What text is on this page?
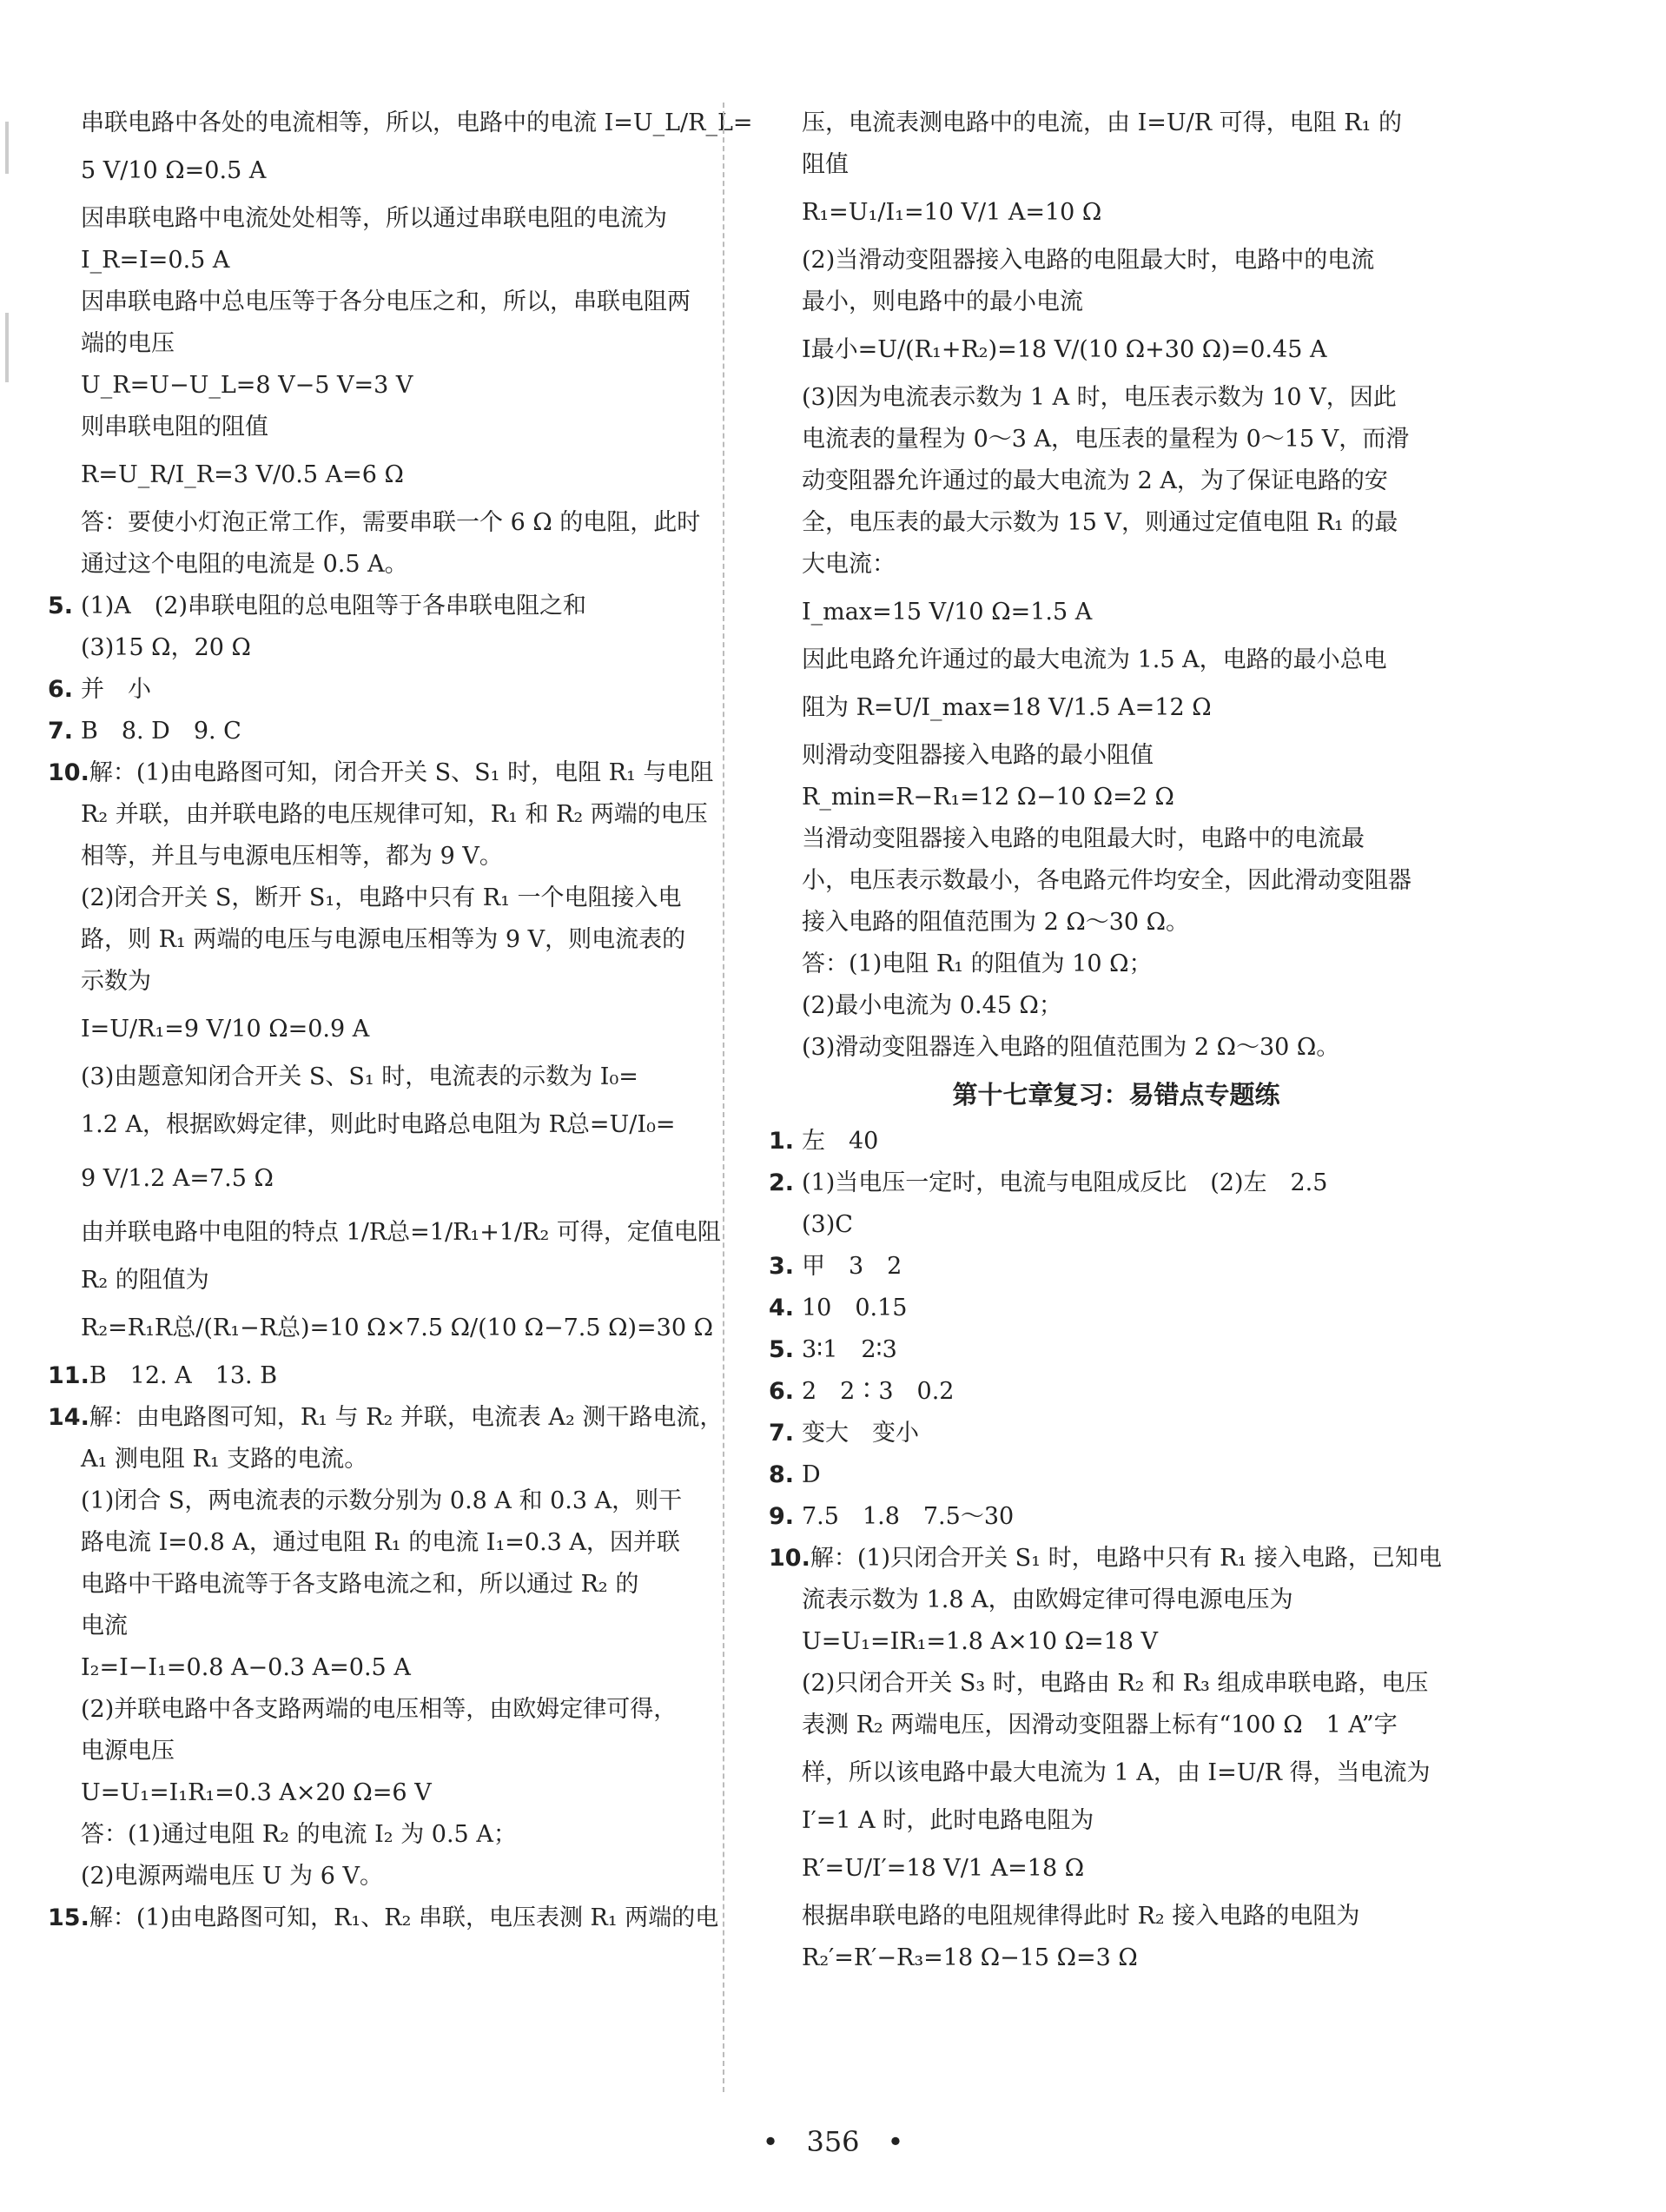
串联电路中各处的电流相等，所以，电路中的电流 I=U_L/R_L=
5 V/10 Ω=0.5 A
因串联电路中电流处处相等，所以通过串联电阻的电流为
I_R=I=0.5 A
因串联电路中总电压等于各分电压之和，所以，串联电阻两
端的电压
U_R=U−U_L=8 V−5 V=3 V
则串联电阻的阻值
R=U_R/I_R=3 V/0.5 A=6 Ω
答：要使小灯泡正常工作，需要串联一个 6 Ω 的电阻，此时
通过这个电阻的电流是 0.5 A。
5. (1)A　(2)串联电阻的总电阻等于各串联电阻之和
(3)15 Ω，20 Ω
6. 并　小
7. B　8. D　9. C
10.解：(1)由电路图可知，闭合开关 S、S₁ 时，电阻 R₁ 与电阻
R₂ 并联，由并联电路的电压规律可知，R₁ 和 R₂ 两端的电压
相等，并且与电源电压相等，都为 9 V。
(2)闭合开关 S，断开 S₁，电路中只有 R₁ 一个电阻接入电
路，则 R₁ 两端的电压与电源电压相等为 9 V，则电流表的
示数为
I=U/R₁=9 V/10 Ω=0.9 A
(3)由题意知闭合开关 S、S₁ 时，电流表的示数为 I₀=
1.2 A，根据欧姆定律，则此时电路总电阻为 R总=U/I₀=
9 V/1.2 A=7.5 Ω
由并联电路中电阻的特点 1/R总=1/R₁+1/R₂ 可得，定值电阻
R₂ 的阻值为
R₂=R₁R总/(R₁−R总)=10 Ω×7.5 Ω/(10 Ω−7.5 Ω)=30 Ω
11.B　12. A　13. B
14.解：由电路图可知，R₁ 与 R₂ 并联，电流表 A₂ 测干路电流，
A₁ 测电阻 R₁ 支路的电流。
(1)闭合 S，两电流表的示数分别为 0.8 A 和 0.3 A，则干
路电流 I=0.8 A，通过电阻 R₁ 的电流 I₁=0.3 A，因并联
电路中干路电流等于各支路电流之和，所以通过 R₂ 的
电流
I₂=I−I₁=0.8 A−0.3 A=0.5 A
(2)并联电路中各支路两端的电压相等，由欧姆定律可得，
电源电压
U=U₁=I₁R₁=0.3 A×20 Ω=6 V
答：(1)通过电阻 R₂ 的电流 I₂ 为 0.5 A；
(2)电源两端电压 U 为 6 V。
15.解：(1)由电路图可知，R₁、R₂ 串联，电压表测 R₁ 两端的电
压，电流表测电路中的电流，由 I=U/R 可得，电阻 R₁ 的
阻值
R₁=U₁/I₁=10 V/1 A=10 Ω
(2)当滑动变阻器接入电路的电阻最大时，电路中的电流
最小，则电路中的最小电流
I最小=U/(R₁+R₂)=18 V/(10 Ω+30 Ω)=0.45 A
(3)因为电流表示数为 1 A 时，电压表示数为 10 V，因此
电流表的量程为 0～3 A，电压表的量程为 0～15 V，而滑
动变阻器允许通过的最大电流为 2 A，为了保证电路的安
全，电压表的最大示数为 15 V，则通过定值电阻 R₁ 的最
大电流：
I_max=15 V/10 Ω=1.5 A
因此电路允许通过的最大电流为 1.5 A，电路的最小总电
阻为 R=U/I_max=18 V/1.5 A=12 Ω
则滑动变阻器接入电路的最小阻值
R_min=R−R₁=12 Ω−10 Ω=2 Ω
当滑动变阻器接入电路的电阻最大时，电路中的电流最
小，电压表示数最小，各电路元件均安全，因此滑动变阻器
接入电路的阻值范围为 2 Ω～30 Ω。
答：(1)电阻 R₁ 的阻值为 10 Ω；
(2)最小电流为 0.45 Ω；
(3)滑动变阻器连入电路的阻值范围为 2 Ω～30 Ω。
第十七章复习：易错点专题练
1. 左　40
2. (1)当电压一定时，电流与电阻成反比　(2)左　2.5
(3)C
3. 甲　3　2
4. 10　0.15
5. 3∶1　2∶3
6. 2　2∶3　0.2
7. 变大　变小
8. D
9. 7.5　1.8　7.5～30
10.解：(1)只闭合开关 S₁ 时，电路中只有 R₁ 接入电路，已知电
流表示数为 1.8 A，由欧姆定律可得电源电压为
U=U₁=IR₁=1.8 A×10 Ω=18 V
(2)只闭合开关 S₃ 时，电路由 R₂ 和 R₃ 组成串联电路，电压
表测 R₂ 两端电压，因滑动变阻器上标有“100 Ω　1 A”字
样，所以该电路中最大电流为 1 A，由 I=U/R 得，当电流为
I′=1 A 时，此时电路电阻为
R′=U/I′=18 V/1 A=18 Ω
根据串联电路的电阻规律得此时 R₂ 接入电路的电阻为
R₂′=R′−R₃=18 Ω−15 Ω=3 Ω
•　356　•
